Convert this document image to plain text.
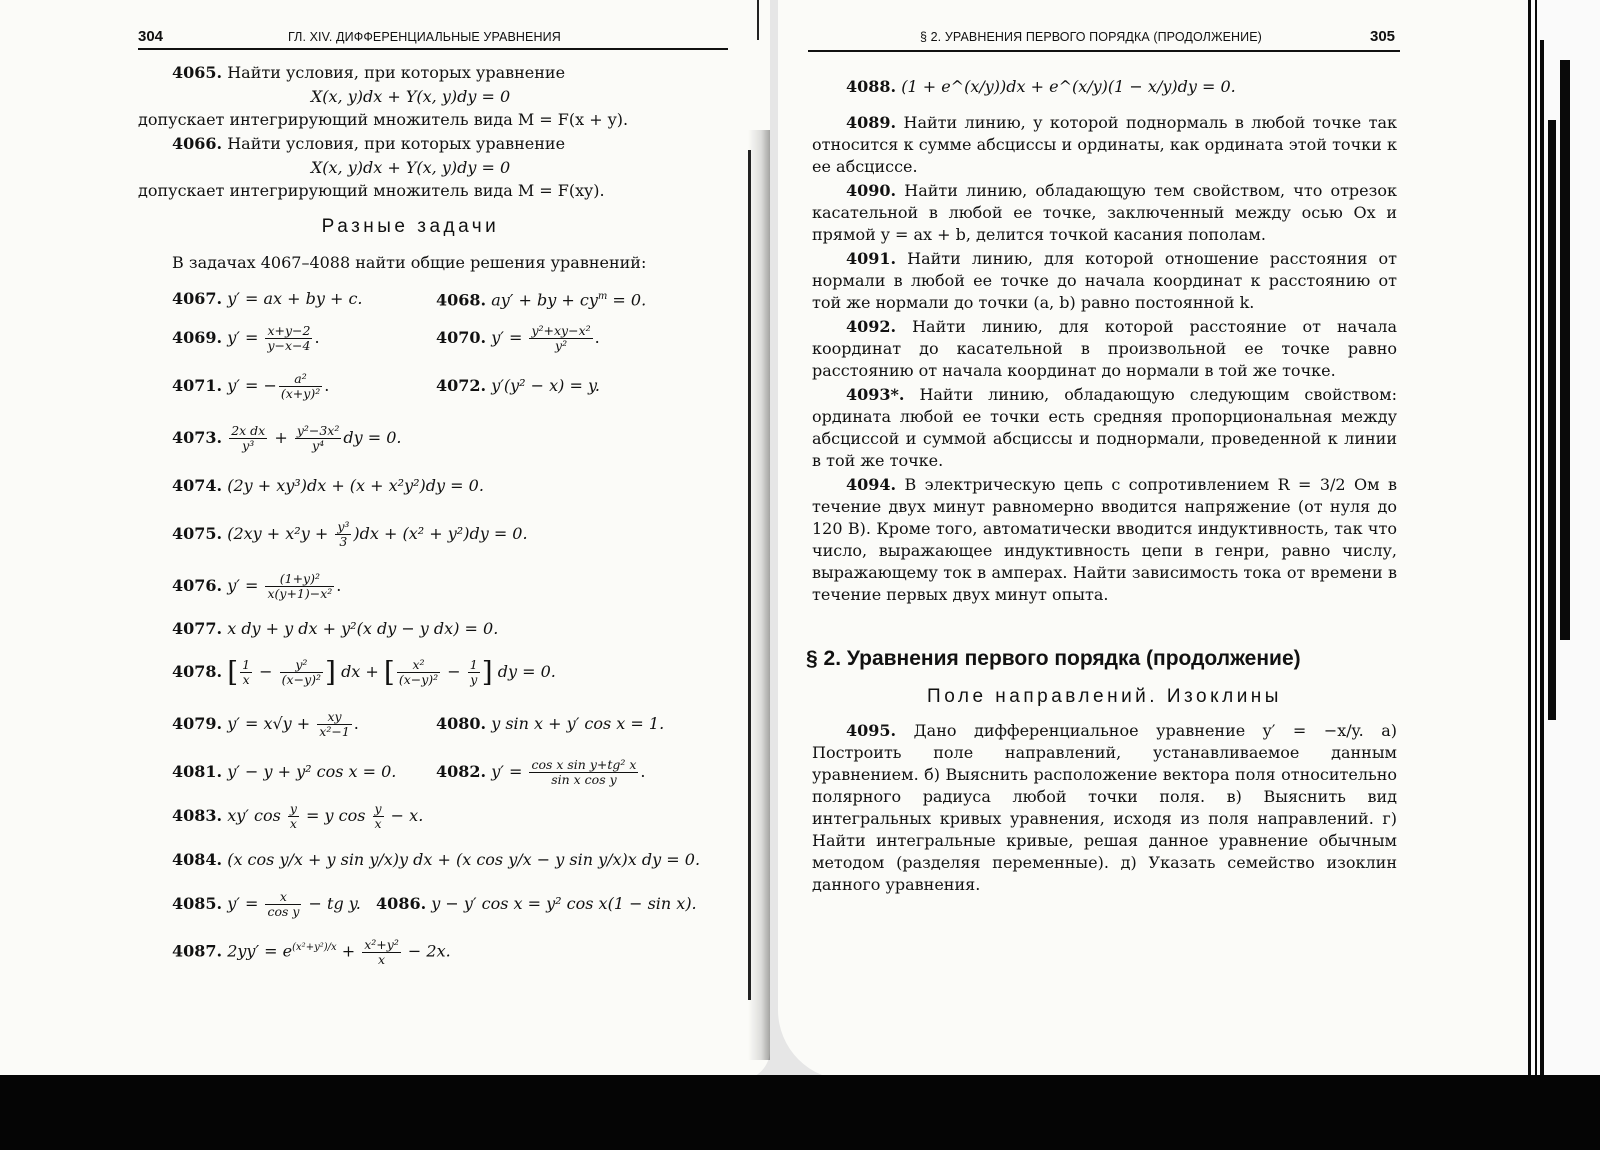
304	ГЛ. XIV. ДИФФЕРЕНЦИАЛЬНЫЕ УРАВНЕНИЯ

4065. Найти условия, при которых уравнение

X(x, y)dx + Y(x, y)dy = 0

допускает интегрирующий множитель вида M = F(x + y).

4066. Найти условия, при которых уравнение

X(x, y)dx + Y(x, y)dy = 0

допускает интегрирующий множитель вида M = F(xy).

Разные задачи
В задачах 4067–4088 найти общие решения уравнений:
4067. y′ = ax + by + c.	4068. ay′ + by + $cy^m = 0$.
4069. $y' = \frac{x+y-2}{y-x-4}$ .	4070. $y' = \frac{\text{y²+xy−x²}}{\text{y²}}$ .
4071. y′ = − $\frac{\text{a²}}{\text{(x+y)²}}$ .	4072. y′(y² − x) = y.
4073. $\frac{\text{2x dx}}{\text{y³}} + \frac{\text{y²−3x²}}{\text{y⁴}}$ dy = 0.
4074. (2y + xy³)dx + (x + x²y²)dy = 0.
4075. $(2xy + x^2y + \frac{\text{y³}}{3} )dx + (x^2 + y^2)dy = 0$.
4076. $y' = \frac{\text{(1+y)²}}{\text{x(y+1)−x²}}$ .
4077. x dy + y dx + y²(x dy − y dx) = 0.
4078. [ $\frac{1}{x} - \frac{\text{y²}}{\text{(x−y)²}}$ ] dx + [ $\frac{\text{x²}}{\text{(x−y)²}} - \frac{1}{y}$ ] dy = 0.
4079. $y' = x√y + \frac{xy}{\text{x²−1}}$ .	4080. y sin x + y′ cos x = 1.
4081. y′ − y + y² cos x = 0. 4082. $y' = \frac{\text{cos x sin y+tg² x}}{\text{sin x cos y}}$ .
4083. xy′ $\cos \frac{y}{x} = y$ $\cos \frac{y}{x} - x$.
4084. (x cos y/x + y sin y/x)y dx + (x cos y/x − y sin y/x)x dy = 0.
4085. $y' = \frac{x}{\text{cos y}}$ − tg y. 4086. y − y′ cos x = y² cos x(1 − sin x).
4087. $2yy' = e^{(x^2+y^2)/x} + \frac{\text{x²+y²}}{x} - 2x$.
§ 2. УРАВНЕНИЯ ПЕРВОГО ПОРЯДКА (ПРОДОЛЖЕНИЕ)	305

4088. (1 + e^(x/y))dx + e^(x/y)(1 − x/y)dy = 0.

4089. Найти линию, у которой поднормаль в любой точке так относится к сумме абсциссы и ординаты, как ордината этой точки к ее абсциссе.

4090. Найти линию, обладающую тем свойством, что отрезок касательной в любой ее точке, заключенный между осью Ox и прямой y = ax + b, делится точкой касания пополам.

4091. Найти линию, для которой отношение расстояния от нормали в любой ее точке до начала координат к расстоянию от той же нормали до точки (a, b) равно постоянной k.

4092. Найти линию, для которой расстояние от начала координат до касательной в произвольной ее точке равно расстоянию от начала координат до нормали в той же точке.

4093*. Найти линию, обладающую следующим свойством: ордината любой ее точки есть средняя пропорциональная между абсциссой и суммой абсциссы и поднормали, проведенной к линии в той же точке.

4094. В электрическую цепь с сопротивлением R = 3/2 Ом в течение двух минут равномерно вводится напряжение (от нуля до 120 В). Кроме того, автоматически вводится индуктивность, так что число, выражающее индуктивность цепи в генри, равно числу, выражающему ток в амперах. Найти зависимость тока от времени в течение первых двух минут опыта.

§ 2. Уравнения первого порядка (продолжение)
Поле направлений. Изоклины

4095. Дано дифференциальное уравнение y′ = −x/y. а) Построить поле направлений, устанавливаемое данным уравнением. б) Выяснить расположение вектора поля относительно полярного радиуса любой точки поля. в) Выяснить вид интегральных кривых уравнения, исходя из поля направлений. г) Найти интегральные кривые, решая данное уравнение обычным методом (разделяя переменные). д) Указать семейство изоклин данного уравнения.
